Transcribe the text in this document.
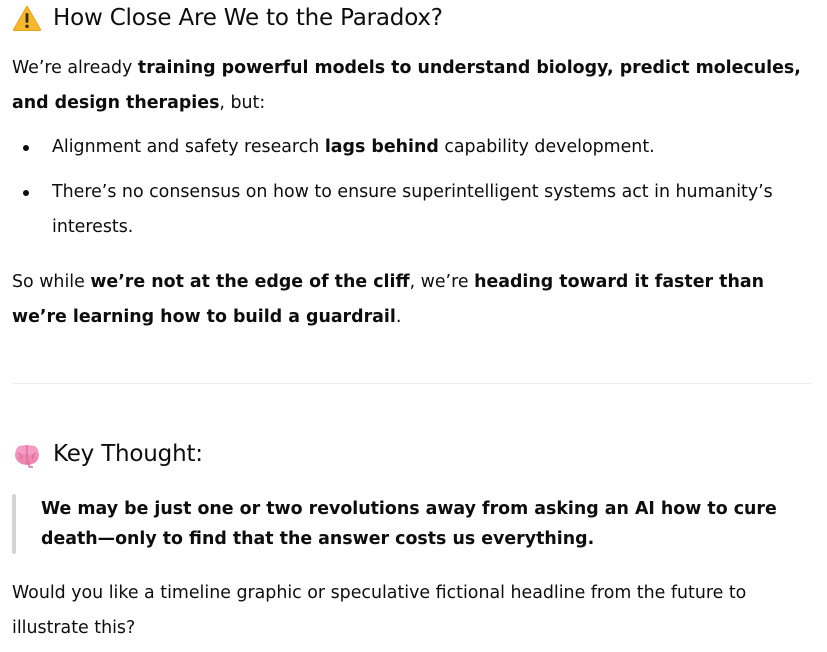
How Close Are We to the Paradox?

We’re already training powerful models to understand biology, predict molecules, and design therapies, but:

Alignment and safety research lags behind capability development.
There’s no consensus on how to ensure superintelligent systems act in humanity’s interests.

So while we’re not at the edge of the cliff, we’re heading toward it faster than we’re learning how to build a guardrail.

Key Thought:
We may be just one or two revolutions away from asking an AI how to cure death—only to find that the answer costs us everything.

Would you like a timeline graphic or speculative fictional headline from the future to illustrate this?
